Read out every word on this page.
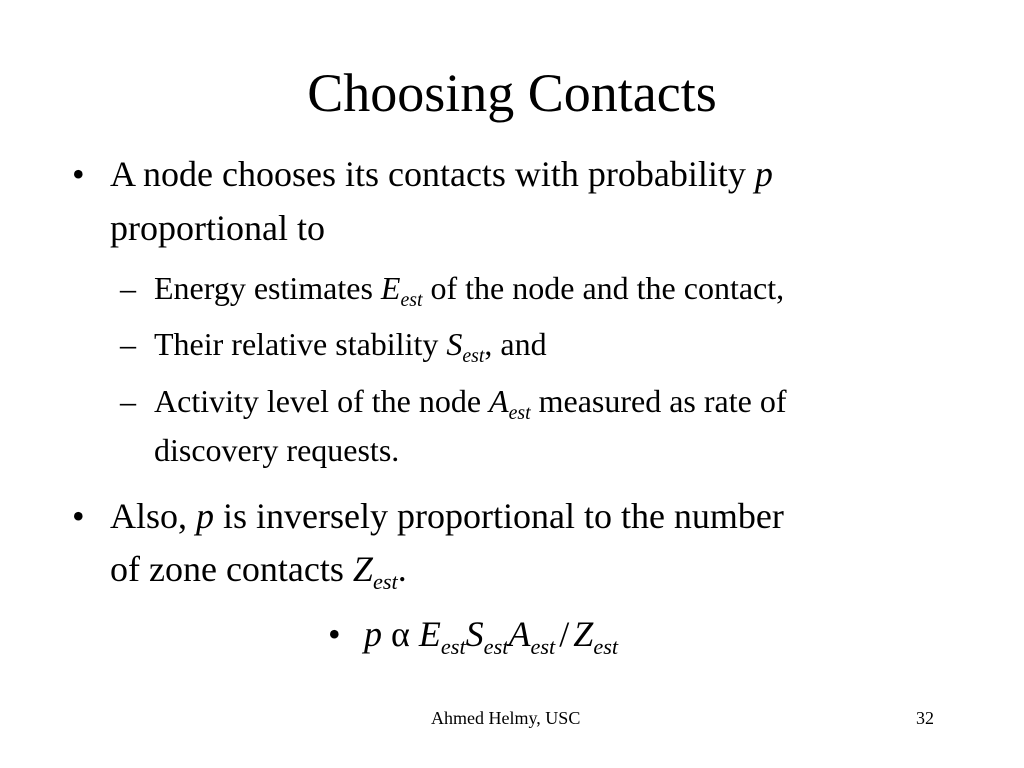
Choosing Contacts
• A node chooses its contacts with probability p
proportional to
– Energy estimates $E_{est}$ of the node and the contact,
– Their relative stability $S_{est}$, and
– Activity level of the node $A_{est}$ measured as rate of
discovery requests.
• Also, p is inversely proportional to the number
of zone contacts $Z_{est}$.
• p α $E_{est}S_{est}A_{est} / Z_{est}$
Ahmed Helmy, USC	32
